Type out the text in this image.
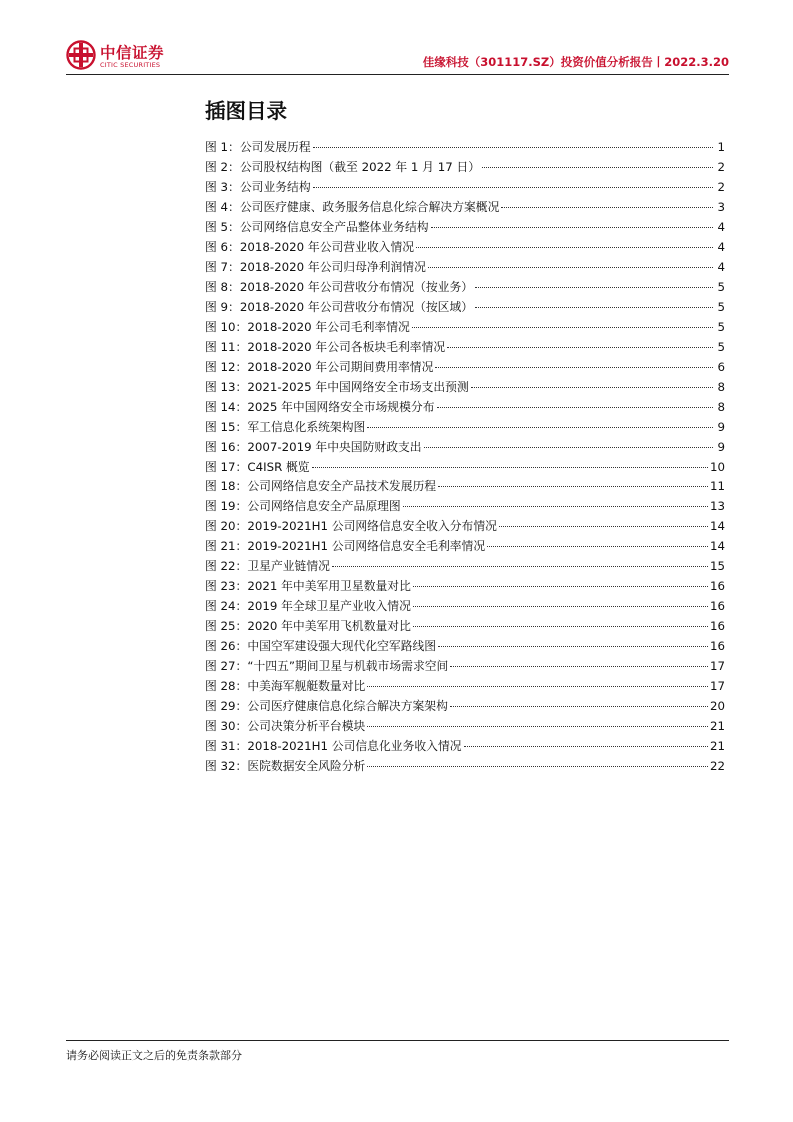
中信证券
CITIC SECURITIES	佳缘科技（301117.SZ）投资价值分析报告丨2022.3.20
插图目录
图 1：公司发展历程	1
图 2：公司股权结构图（截至 2022 年 1 月 17 日）	2
图 3：公司业务结构	2
图 4：公司医疗健康、政务服务信息化综合解决方案概况	3
图 5：公司网络信息安全产品整体业务结构	4
图 6：2018-2020 年公司营业收入情况	4
图 7：2018-2020 年公司归母净利润情况	4
图 8：2018-2020 年公司营收分布情况（按业务）	5
图 9：2018-2020 年公司营收分布情况（按区域）	5
图 10：2018-2020 年公司毛利率情况	5
图 11：2018-2020 年公司各板块毛利率情况	5
图 12：2018-2020 年公司期间费用率情况	6
图 13：2021-2025 年中国网络安全市场支出预测	8
图 14：2025 年中国网络安全市场规模分布	8
图 15：军工信息化系统架构图	9
图 16：2007-2019 年中央国防财政支出	9
图 17：C4ISR 概览	10
图 18：公司网络信息安全产品技术发展历程	11
图 19：公司网络信息安全产品原理图	13
图 20：2019-2021H1 公司网络信息安全收入分布情况	14
图 21：2019-2021H1 公司网络信息安全毛利率情况	14
图 22：卫星产业链情况	15
图 23：2021 年中美军用卫星数量对比	16
图 24：2019 年全球卫星产业收入情况	16
图 25：2020 年中美军用飞机数量对比	16
图 26：中国空军建设强大现代化空军路线图	16
图 27：“十四五”期间卫星与机载市场需求空间	17
图 28：中美海军舰艇数量对比	17
图 29：公司医疗健康信息化综合解决方案架构	20
图 30：公司决策分析平台模块	21
图 31：2018-2021H1 公司信息化业务收入情况	21
图 32：医院数据安全风险分析	22
请务必阅读正文之后的免责条款部分
